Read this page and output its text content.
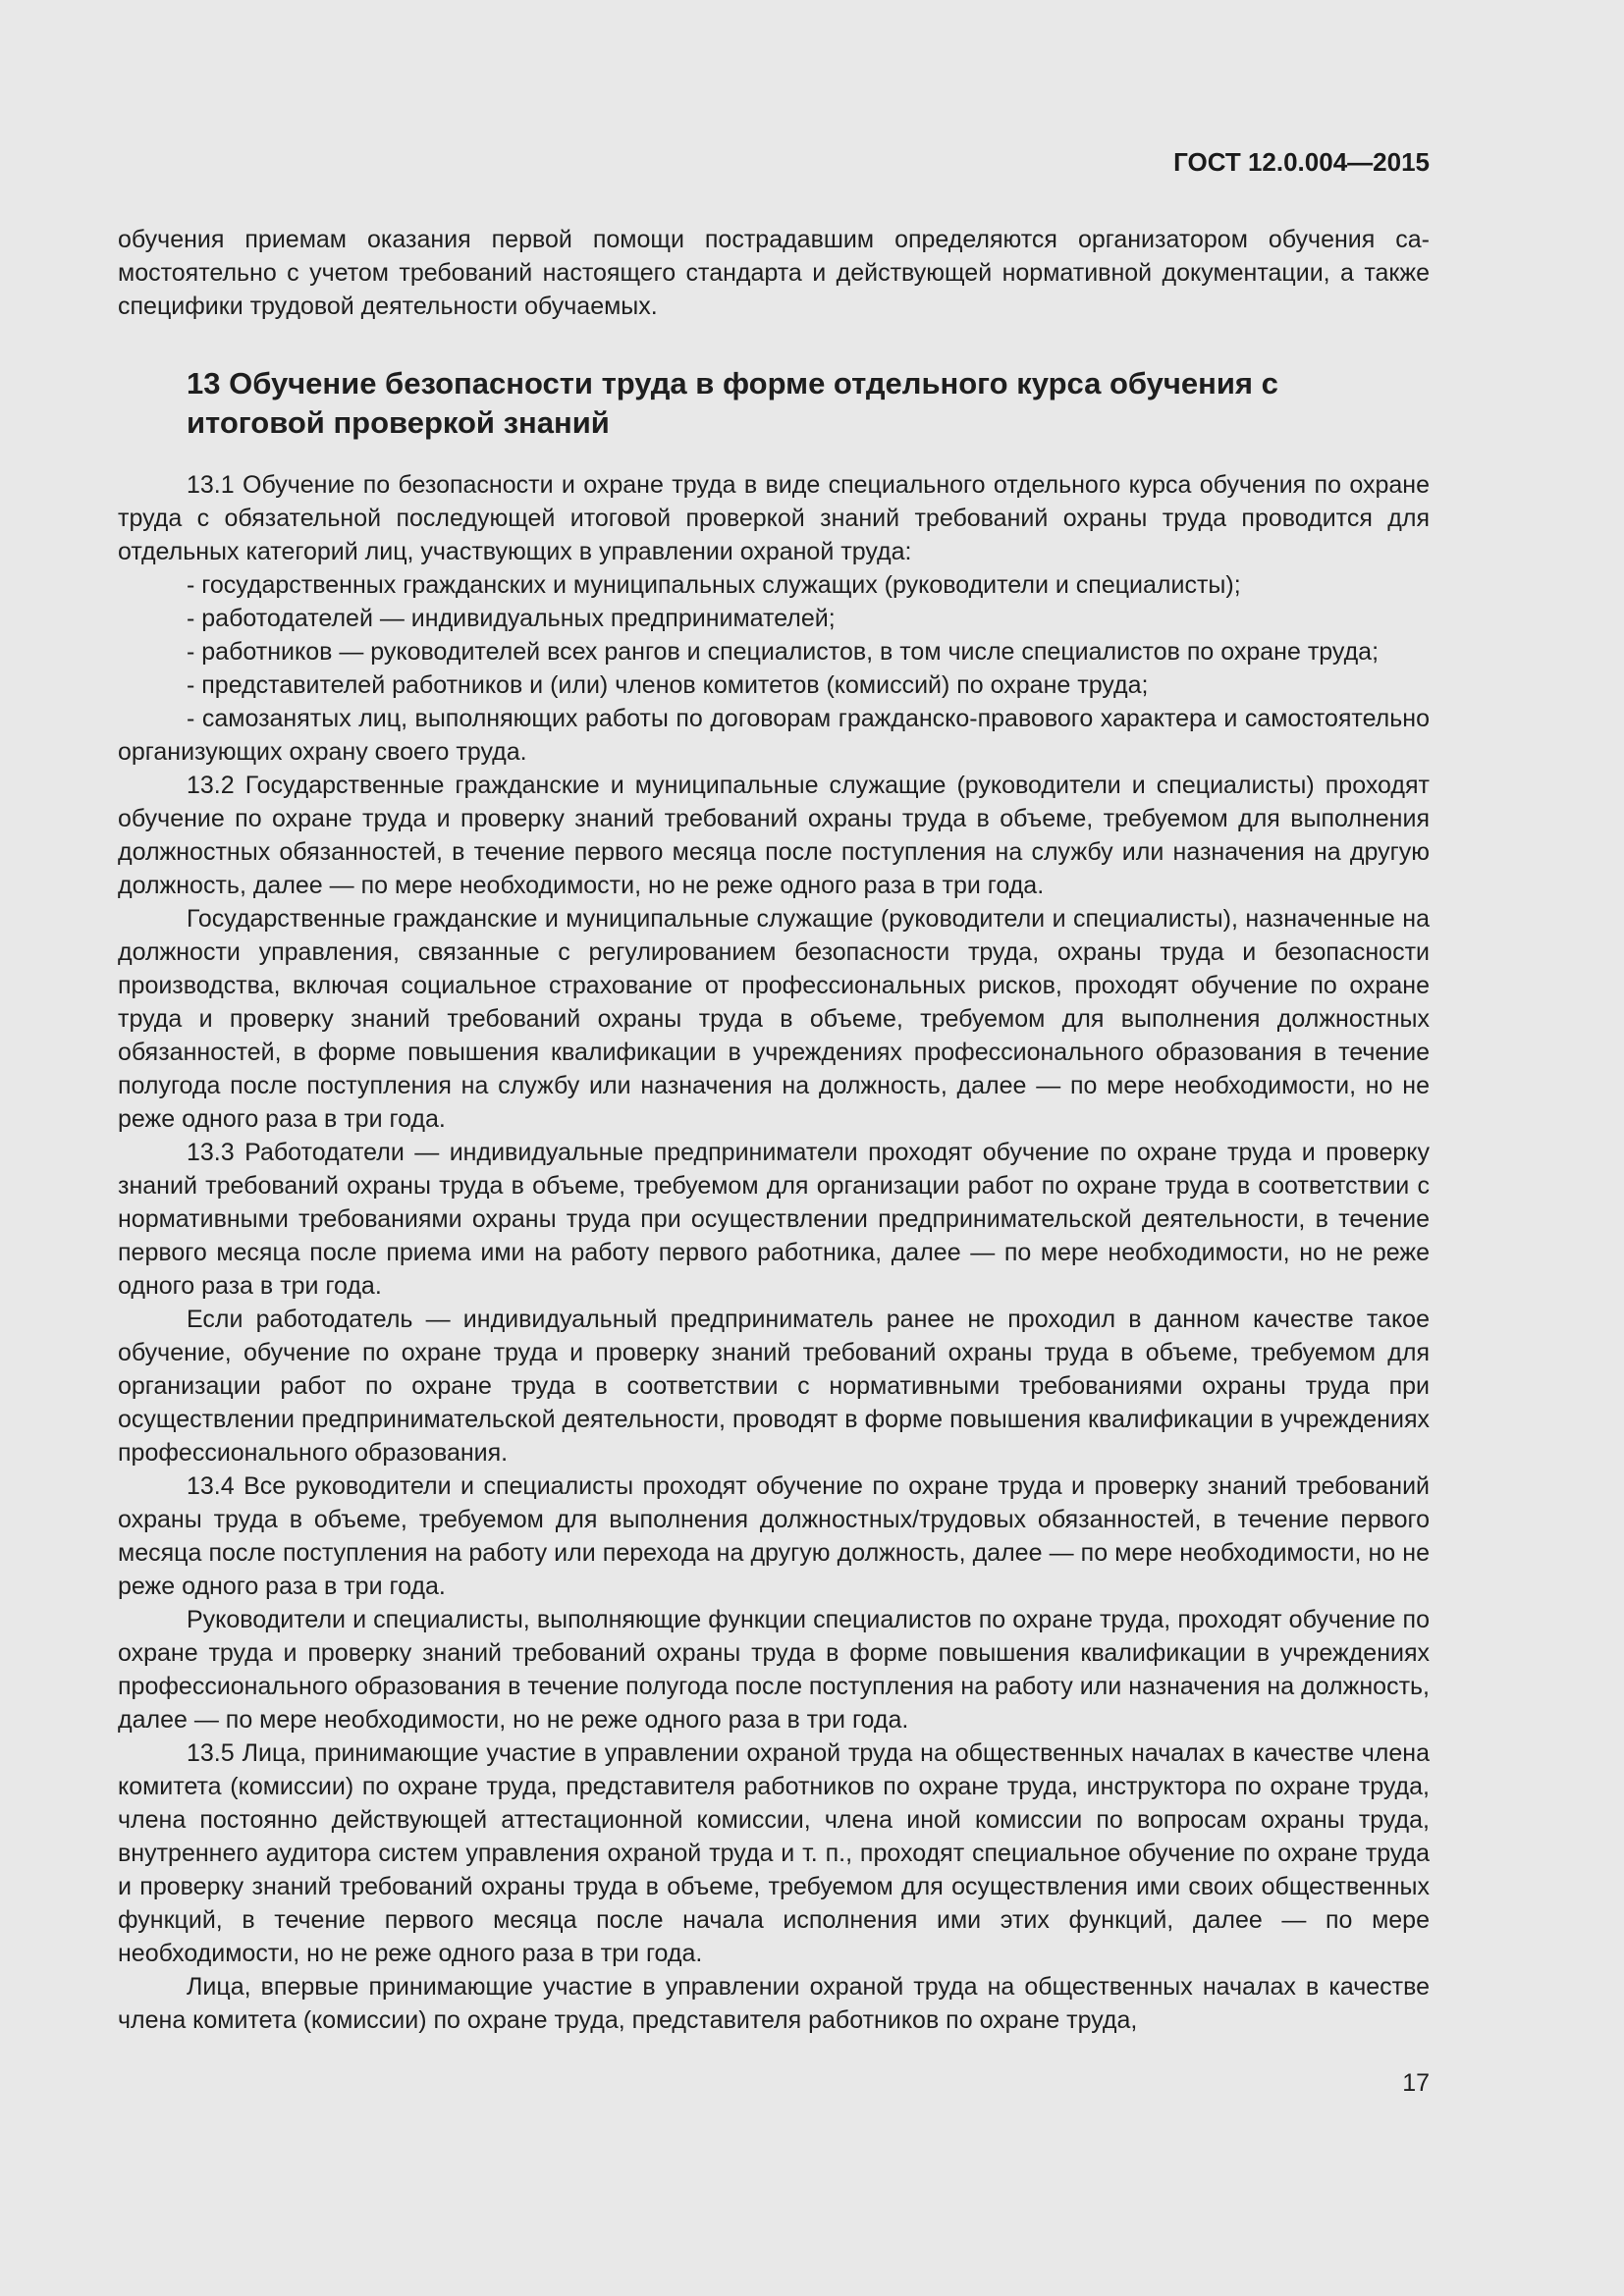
ГОСТ 12.0.004—2015

обучения приемам оказания первой помощи пострадавшим определяются организатором обучения самостоятельно с учетом требований настоящего стандарта и действующей нормативной документации, а также специфики трудовой деятельности обучаемых.

13 Обучение безопасности труда в форме отдельного курса обучения с итоговой проверкой знаний

13.1 Обучение по безопасности и охране труда в виде специального отдельного курса обучения по охране труда с обязательной последующей итоговой проверкой знаний требований охраны труда проводится для отдельных категорий лиц, участвующих в управлении охраной труда:

- государственных гражданских и муниципальных служащих (руководители и специалисты);

- работодателей — индивидуальных предпринимателей;

- работников — руководителей всех рангов и специалистов, в том числе специалистов по охране труда;

- представителей работников и (или) членов комитетов (комиссий) по охране труда;

- самозанятых лиц, выполняющих работы по договорам гражданско-правового характера и самостоятельно организующих охрану своего труда.

13.2 Государственные гражданские и муниципальные служащие (руководители и специалисты) проходят обучение по охране труда и проверку знаний требований охраны труда в объеме, требуемом для выполнения должностных обязанностей, в течение первого месяца после поступления на службу или назначения на другую должность, далее — по мере необходимости, но не реже одного раза в три года.

Государственные гражданские и муниципальные служащие (руководители и специалисты), назначенные на должности управления, связанные с регулированием безопасности труда, охраны труда и безопасности производства, включая социальное страхование от профессиональных рисков, проходят обучение по охране труда и проверку знаний требований охраны труда в объеме, требуемом для выполнения должностных обязанностей, в форме повышения квалификации в учреждениях профессионального образования в течение полугода после поступления на службу или назначения на должность, далее — по мере необходимости, но не реже одного раза в три года.

13.3 Работодатели — индивидуальные предприниматели проходят обучение по охране труда и проверку знаний требований охраны труда в объеме, требуемом для организации работ по охране труда в соответствии с нормативными требованиями охраны труда при осуществлении предпринимательской деятельности, в течение первого месяца после приема ими на работу первого работника, далее — по мере необходимости, но не реже одного раза в три года.

Если работодатель — индивидуальный предприниматель ранее не проходил в данном качестве такое обучение, обучение по охране труда и проверку знаний требований охраны труда в объеме, требуемом для организации работ по охране труда в соответствии с нормативными требованиями охраны труда при осуществлении предпринимательской деятельности, проводят в форме повышения квалификации в учреждениях профессионального образования.

13.4 Все руководители и специалисты проходят обучение по охране труда и проверку знаний требований охраны труда в объеме, требуемом для выполнения должностных/трудовых обязанностей, в течение первого месяца после поступления на работу или перехода на другую должность, далее — по мере необходимости, но не реже одного раза в три года.

Руководители и специалисты, выполняющие функции специалистов по охране труда, проходят обучение по охране труда и проверку знаний требований охраны труда в форме повышения квалификации в учреждениях профессионального образования в течение полугода после поступления на работу или назначения на должность, далее — по мере необходимости, но не реже одного раза в три года.

13.5 Лица, принимающие участие в управлении охраной труда на общественных началах в качестве члена комитета (комиссии) по охране труда, представителя работников по охране труда, инструктора по охране труда, члена постоянно действующей аттестационной комиссии, члена иной комиссии по вопросам охраны труда, внутреннего аудитора систем управления охраной труда и т. п., проходят специальное обучение по охране труда и проверку знаний требований охраны труда в объеме, требуемом для осуществления ими своих общественных функций, в течение первого месяца после начала исполнения ими этих функций, далее — по мере необходимости, но не реже одного раза в три года.

Лица, впервые принимающие участие в управлении охраной труда на общественных началах в качестве члена комитета (комиссии) по охране труда, представителя работников по охране труда,

17
